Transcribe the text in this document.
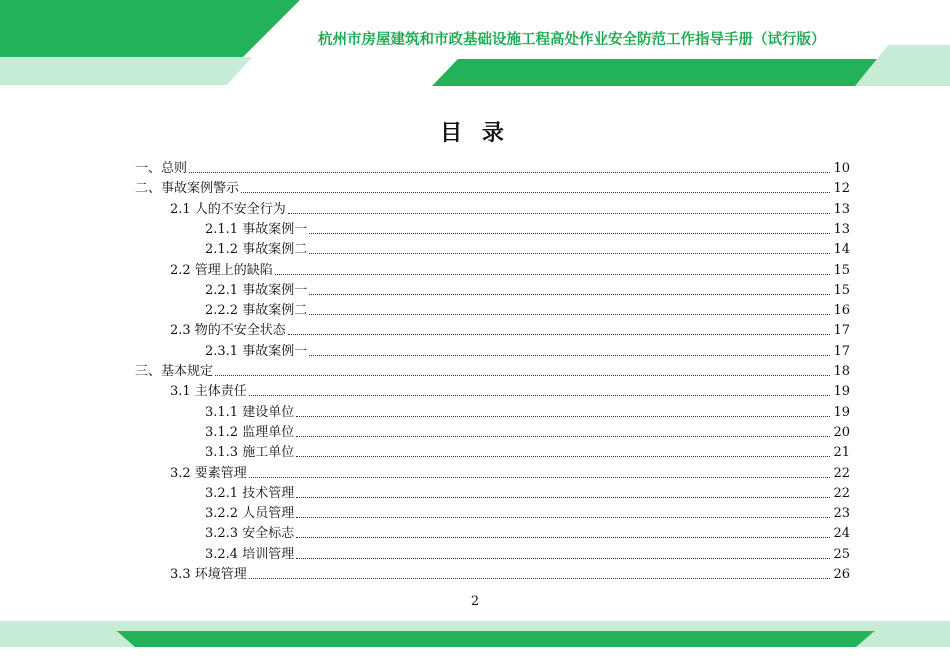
杭州市房屋建筑和市政基础设施工程高处作业安全防范工作指导手册（试行版）
目 录
一、总则	10
二、事故案例警示	12
2.1 人的不安全行为	13
2.1.1 事故案例一	13
2.1.2 事故案例二	14
2.2 管理上的缺陷	15
2.2.1 事故案例一	15
2.2.2 事故案例二	16
2.3 物的不安全状态	17
2.3.1 事故案例一	17
三、基本规定	18
3.1 主体责任	19
3.1.1 建设单位	19
3.1.2 监理单位	20
3.1.3 施工单位	21
3.2 要素管理	22
3.2.1 技术管理	22
3.2.2 人员管理	23
3.2.3 安全标志	24
3.2.4 培训管理	25
3.3 环境管理	26
2
